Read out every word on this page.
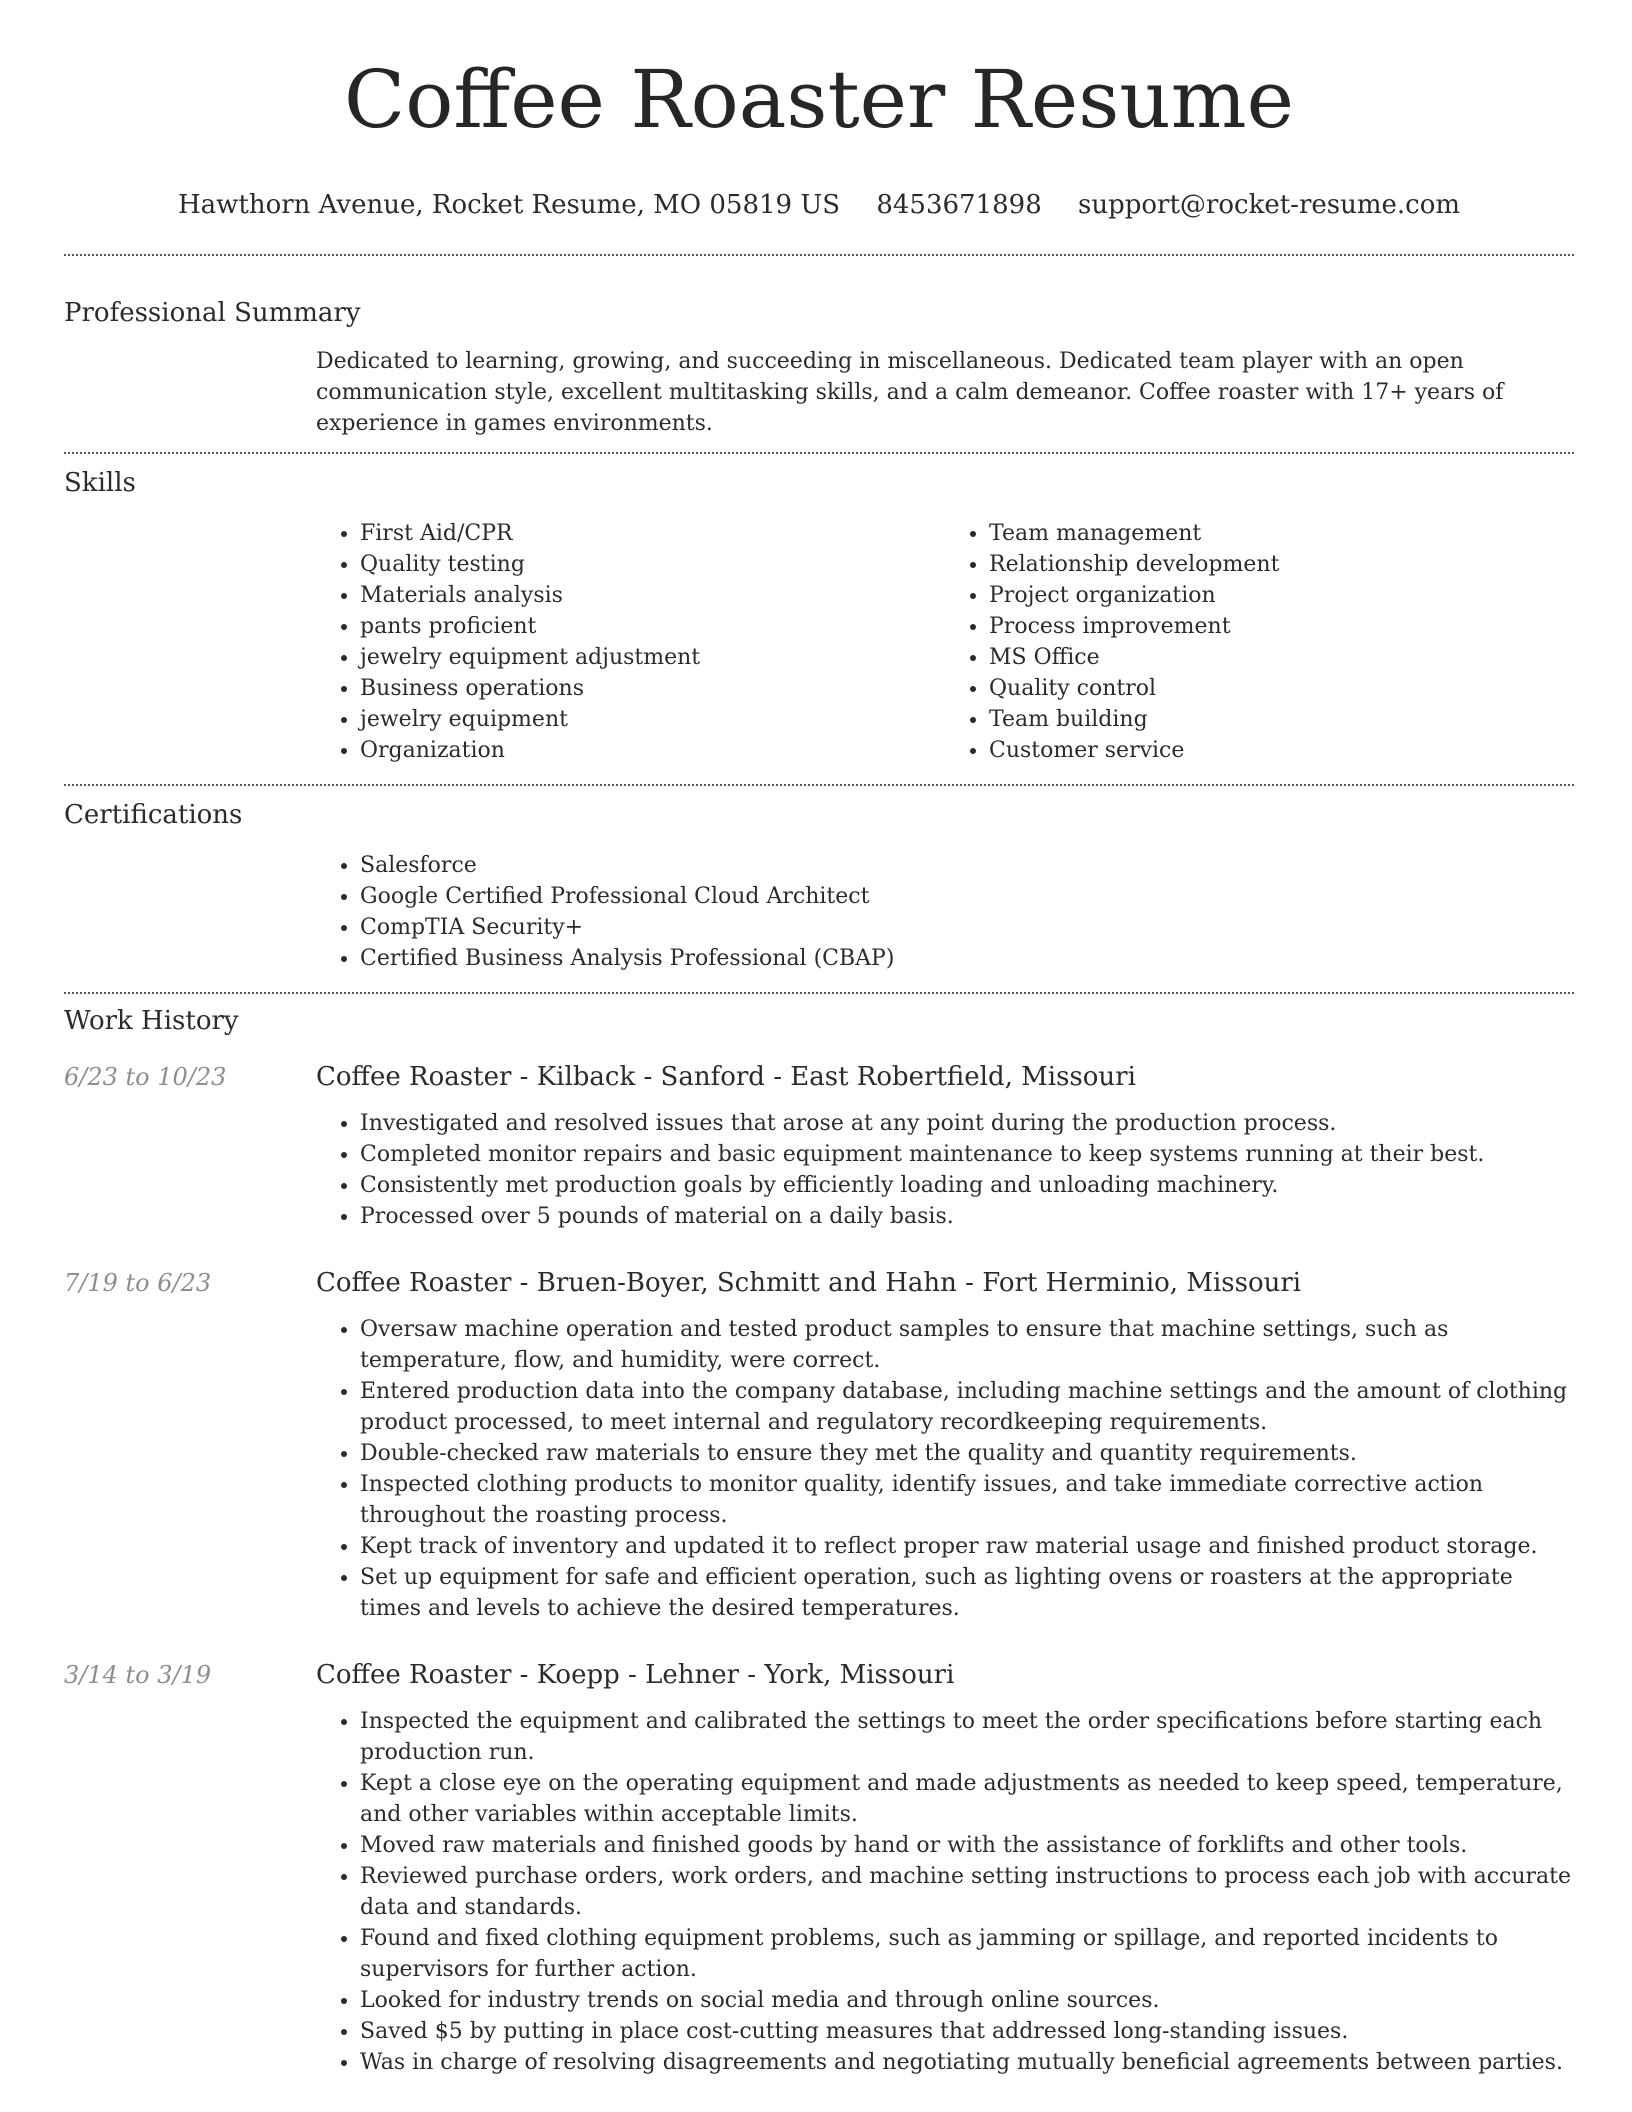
Coffee Roaster Resume
Hawthorn Avenue, Rocket Resume, MO 05819 US 8453671898 support@rocket-resume.com
Professional Summary

Dedicated to learning, growing, and succeeding in miscellaneous. Dedicated team player with an open communication style, excellent multitasking skills, and a calm demeanor. Coffee roaster with 17+ years of experience in games environments.

Skills
• First Aid/CPR
• Quality testing
• Materials analysis
• pants proficient
• jewelry equipment adjustment
• Business operations
• jewelry equipment
• Organization
• Team management
• Relationship development
• Project organization
• Process improvement
• MS Office
• Quality control
• Team building
• Customer service
Certifications
• Salesforce
• Google Certified Professional Cloud Architect
• CompTIA Security+
• Certified Business Analysis Professional (CBAP)
Work History
6/23 to 10/23	Coffee Roaster - Kilback - Sanford - East Robertfield, Missouri
• Investigated and resolved issues that arose at any point during the production process.
• Completed monitor repairs and basic equipment maintenance to keep systems running at their best.
• Consistently met production goals by efficiently loading and unloading machinery.
• Processed over 5 pounds of material on a daily basis.
7/19 to 6/23	Coffee Roaster - Bruen-Boyer, Schmitt and Hahn - Fort Herminio, Missouri
• Oversaw machine operation and tested product samples to ensure that machine settings, such as temperature, flow, and humidity, were correct.
• Entered production data into the company database, including machine settings and the amount of clothing product processed, to meet internal and regulatory recordkeeping requirements.
• Double-checked raw materials to ensure they met the quality and quantity requirements.
• Inspected clothing products to monitor quality, identify issues, and take immediate corrective action throughout the roasting process.
• Kept track of inventory and updated it to reflect proper raw material usage and finished product storage.
• Set up equipment for safe and efficient operation, such as lighting ovens or roasters at the appropriate times and levels to achieve the desired temperatures.
3/14 to 3/19	Coffee Roaster - Koepp - Lehner - York, Missouri
• Inspected the equipment and calibrated the settings to meet the order specifications before starting each production run.
• Kept a close eye on the operating equipment and made adjustments as needed to keep speed, temperature, and other variables within acceptable limits.
• Moved raw materials and finished goods by hand or with the assistance of forklifts and other tools.
• Reviewed purchase orders, work orders, and machine setting instructions to process each job with accurate data and standards.
• Found and fixed clothing equipment problems, such as jamming or spillage, and reported incidents to supervisors for further action.
• Looked for industry trends on social media and through online sources.
• Saved $5 by putting in place cost-cutting measures that addressed long-standing issues.
• Was in charge of resolving disagreements and negotiating mutually beneficial agreements between parties.
